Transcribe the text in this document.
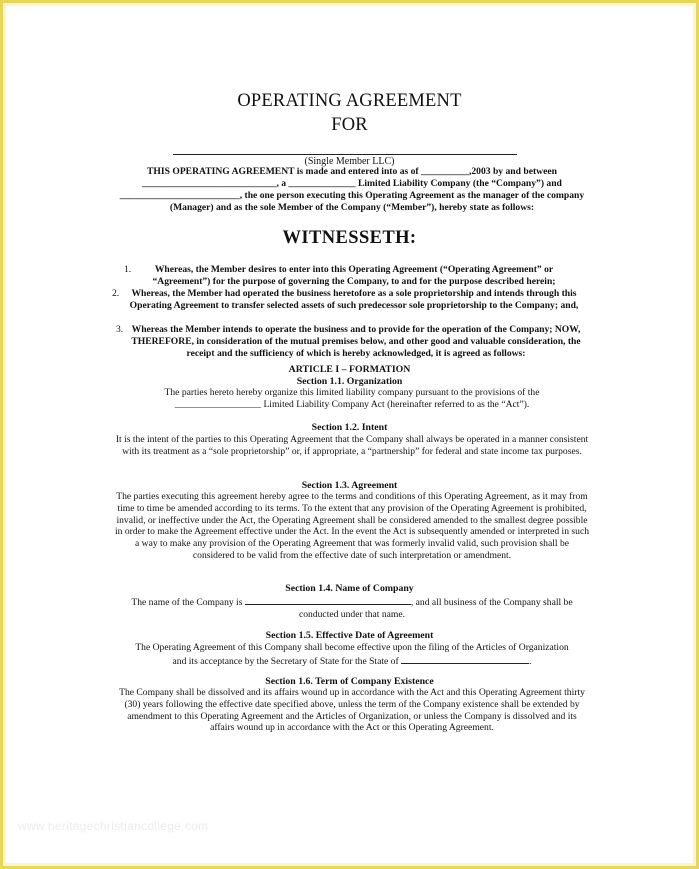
OPERATING AGREEMENT
FOR
(Single Member LLC)
THIS OPERATING AGREEMENT is made and entered into as of __________,2003 by and between
____________________________, a ______________ Limited Liability Company (the “Company”) and
_________________________, the one person executing this Operating Agreement as the manager of the company
(Manager) and as the sole Member of the Company (“Member”), hereby state as follows:
WITNESSETH:
1. Whereas, the Member desires to enter into this Operating Agreement (“Operating Agreement” or “Agreement”) for the purpose of governing the Company, to and for the purpose described herein;
2. Whereas, the Member had operated the business heretofore as a sole proprietorship and intends through this Operating Agreement to transfer selected assets of such predecessor sole proprietorship to the Company; and,
3. Whereas the Member intends to operate the business and to provide for the operation of the Company; NOW, THEREFORE, in consideration of the mutual premises below, and other good and valuable consideration, the receipt and the sufficiency of which is hereby acknowledged, it is agreed as follows:
ARTICLE I – FORMATION
Section 1.1. Organization
The parties hereto hereby organize this limited liability company pursuant to the provisions of the
__________________ Limited Liability Company Act (hereinafter referred to as the “Act”).
Section 1.2. Intent
It is the intent of the parties to this Operating Agreement that the Company shall always be operated in a manner consistent with its treatment as a “sole proprietorship” or, if appropriate, a “partnership” for federal and state income tax purposes.
Section 1.3. Agreement
The parties executing this agreement hereby agree to the terms and conditions of this Operating Agreement, as it may from time to time be amended according to its terms. To the extent that any provision of the Operating Agreement is prohibited, invalid, or ineffective under the Act, the Operating Agreement shall be considered amended to the smallest degree possible in order to make the Agreement effective under the Act. In the event the Act is subsequently amended or interpreted in such a way to make any provision of the Operating Agreement that was formerly invalid valid, such provision shall be considered to be valid from the effective date of such interpretation or amendment.
Section 1.4. Name of Company
The name of the Company is	, and all business of the Company shall be
conducted under that name.
Section 1.5. Effective Date of Agreement
The Operating Agreement of this Company shall become effective upon the filing of the Articles of Organization
and its acceptance by the Secretary of State for the State of	.
Section 1.6. Term of Company Existence
The Company shall be dissolved and its affairs wound up in accordance with the Act and this Operating Agreement thirty (30) years following the effective date specified above, unless the term of the Company existence shall be extended by amendment to this Operating Agreement and the Articles of Organization, or unless the Company is dissolved and its affairs wound up in accordance with the Act or this Operating Agreement.
www.heritagechristiancollege.com
